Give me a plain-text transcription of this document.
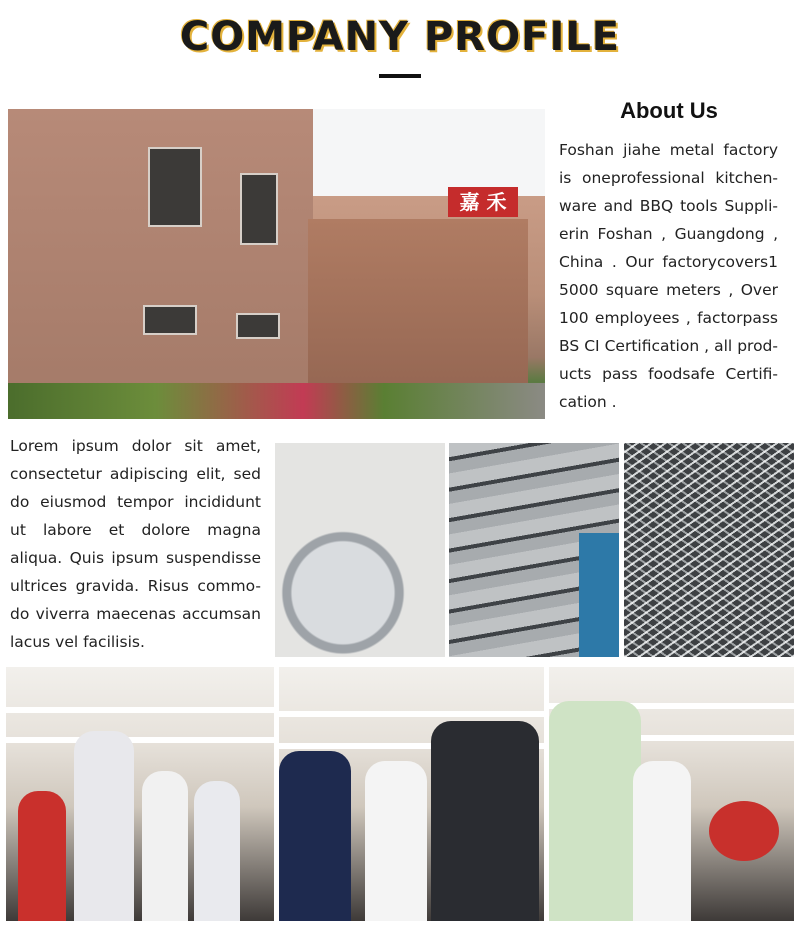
COMPANY PROFILE
嘉 禾
About Us
Foshan jiahe metal factory is oneprofessional kitchen-ware and BBQ tools Suppli-erin Foshan , Guangdong , China . Our factorycovers1 5000 square meters , Over 100 employees , factorpass BS CI Certification , all prod-ucts pass foodsafe Certifi-cation .
Lorem ipsum dolor sit amet, consectetur adipiscing elit, sed do eiusmod tempor incididunt ut labore et dolore magna aliqua. Quis ipsum suspendisse ultrices gravida. Risus commo-do viverra maecenas accumsan lacus vel facilisis.
